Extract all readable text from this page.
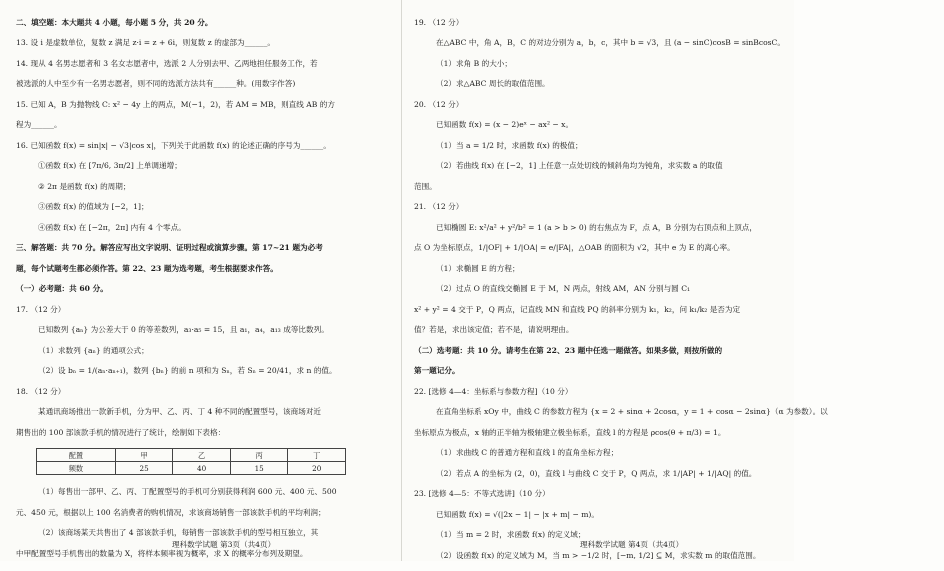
二、填空题：本大题共 4 小题，每小题 5 分，共 20 分。

13. 设 i 是虚数单位，复数 z 满足 z·i = z + 6i，则复数 z 的虚部为______。

14. 现从 4 名男志愿者和 3 名女志愿者中，选派 2 人分别去甲、乙两地担任服务工作，若

被选派的人中至少有一名男志愿者，则不同的选派方法共有______种。(用数字作答)

15. 已知 A，B 为抛物线 C: x² − 4y 上的两点，M(−1，2)，若 AM = MB，则直线 AB 的方

程为______。

16. 已知函数 f(x) = sin|x| − √3|cos x|，下列关于此函数 f(x) 的论述正确的序号为______。

①函数 f(x) 在 [7π/6, 3π/2] 上单调递增；

② 2π 是函数 f(x) 的周期；

③函数 f(x) 的值域为 [−2，1]；

④函数 f(x) 在 [−2π，2π] 内有 4 个零点。

三、解答题：共 70 分。解答应写出文字说明、证明过程或演算步骤。第 17~21 题为必考

题，每个试题考生都必须作答。第 22、23 题为选考题，考生根据要求作答。

（一）必考题：共 60 分。

17. （12 分）

已知数列 {aₙ} 为公差大于 0 的等差数列，a₃·a₅ = 15，且 a₁，a₄，a₁₃ 成等比数列。

（1）求数列 {aₙ} 的通项公式；

（2）设 bₙ = 1/(aₙ·aₙ₊₁)，数列 {bₙ} 的前 n 项和为 Sₙ，若 Sₙ = 20/41，求 n 的值。

18. （12 分）

某通讯商场推出一款新手机，分为甲、乙、丙、丁 4 种不同的配置型号，该商场对近

期售出的 100 部该款手机的情况进行了统计，绘制如下表格：

配置	甲	乙	丙	丁
频数	25	40	15	20

（1）每售出一部甲、乙、丙、丁配置型号的手机可分别获得利润 600 元、400 元、500

元、450 元，根据以上 100 名消费者的购机情况，求该商场销售一部该款手机的平均利润；

（2）该商场某天共售出了 4 部该款手机，每销售一部该款手机的型号相互独立，其

中甲配置型号手机售出的数量为 X，将样本频率视为概率，求 X 的概率分布列及期望。

19. （12 分）

在△ABC 中，角 A，B，C 的对边分别为 a，b，c，其中 b = √3，且 (a − sinC)cosB = sinBcosC。

（1）求角 B 的大小；

（2）求△ABC 周长的取值范围。

20. （12 分）

已知函数 f(x) = (x − 2)eˣ − ax² − x。

（1）当 a = 1/2 时，求函数 f(x) 的极值；

（2）若曲线 f(x) 在 [−2，1] 上任意一点处切线的倾斜角均为钝角，求实数 a 的取值

范围。

21. （12 分）

已知椭圆 E: x²/a² + y²/b² = 1 (a > b > 0) 的右焦点为 F，点 A，B 分别为右顶点和上顶点，

点 O 为坐标原点，1/|OF| + 1/|OA| = e/|FA|，△OAB 的面积为 √2，其中 e 为 E 的离心率。

（1）求椭圆 E 的方程；

（2）过点 O 的直线交椭圆 E 于 M，N 两点，射线 AM，AN 分别与圆 C₁

x² + y² = 4 交于 P，Q 两点，记直线 MN 和直线 PQ 的斜率分别为 k₁，k₂，问 k₁/k₂ 是否为定

值？若是，求出该定值；若不是，请说明理由。

（二）选考题：共 10 分。请考生在第 22、23 题中任选一题做答。如果多做，则按所做的

第一题记分。

22. [选修 4—4：坐标系与参数方程]（10 分）

在直角坐标系 xOy 中，曲线 C 的参数方程为 {x = 2 + sinα + 2cosα，y = 1 + cosα − 2sinα}（α 为参数）。以

坐标原点为极点，x 轴的正半轴为极轴建立极坐标系，直线 l 的方程是 ρcos(θ + π/3) = 1。

（1）求曲线 C 的普通方程和直线 l 的直角坐标方程；

（2）若点 A 的坐标为 (2，0)，直线 l 与曲线 C 交于 P，Q 两点，求 1/|AP| + 1/|AQ| 的值。

23. [选修 4—5：不等式选讲]（10 分）

已知函数 f(x) = √(|2x − 1| − |x + m| − m)。

（1）当 m = 2 时，求函数 f(x) 的定义域；

（2）设函数 f(x) 的定义域为 M，当 m > −1/2 时，[−m, 1/2] ⊆ M，求实数 m 的取值范围。

理科数学试题 第3页（共4页）	理科数学试题 第4页（共4页）
